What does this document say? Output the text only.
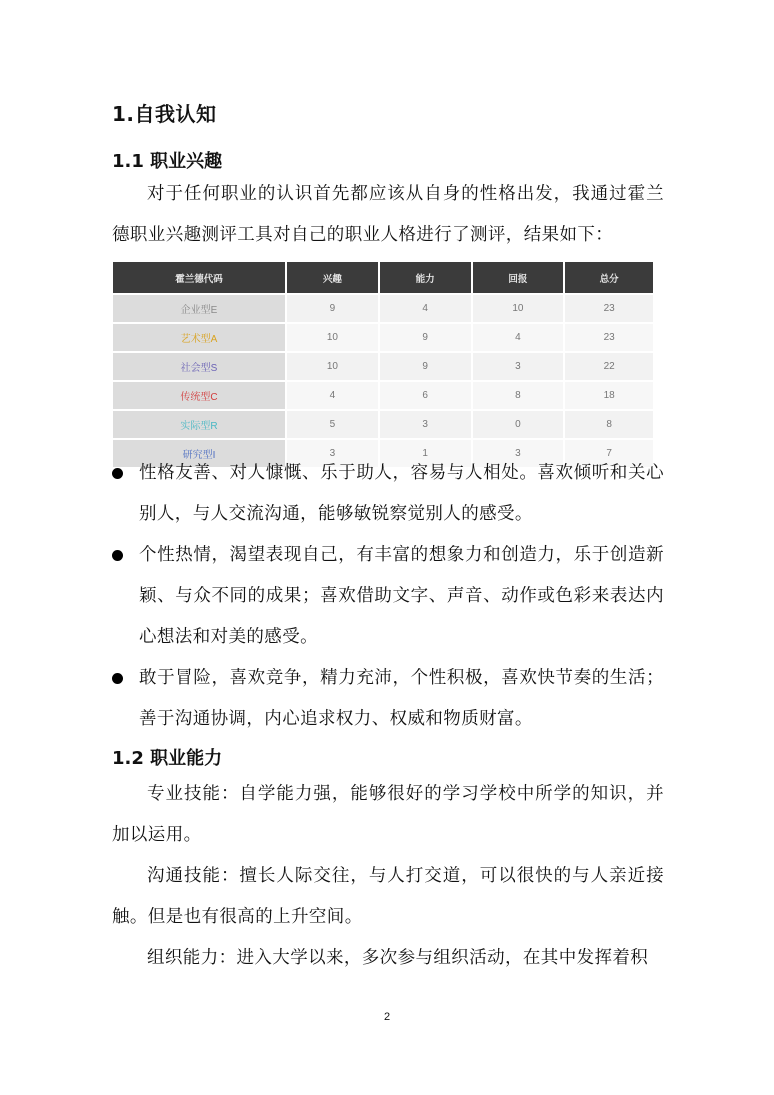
1.自我认知
1.1 职业兴趣
对于任何职业的认识首先都应该从自身的性格出发，我通过霍兰德职业兴趣测评工具对自己的职业人格进行了测评，结果如下：
霍兰德代码	兴趣	能力	回报	总分
企业型E	9	4	10	23
艺术型A	10	9	4	23
社会型S	10	9	3	22
传统型C	4	6	8	18
实际型R	5	3	0	8
研究型I	3	1	3	7
性格友善、对人慷慨、乐于助人，容易与人相处。喜欢倾听和关心别人，与人交流沟通，能够敏锐察觉别人的感受。
个性热情，渴望表现自己，有丰富的想象力和创造力，乐于创造新颖、与众不同的成果；喜欢借助文字、声音、动作或色彩来表达内心想法和对美的感受。
敢于冒险，喜欢竞争，精力充沛，个性积极，喜欢快节奏的生活；善于沟通协调，内心追求权力、权威和物质财富。
1.2 职业能力
专业技能：自学能力强，能够很好的学习学校中所学的知识，并加以运用。
沟通技能：擅长人际交往，与人打交道，可以很快的与人亲近接触。但是也有很高的上升空间。
组织能力：进入大学以来，多次参与组织活动，在其中发挥着积
2
